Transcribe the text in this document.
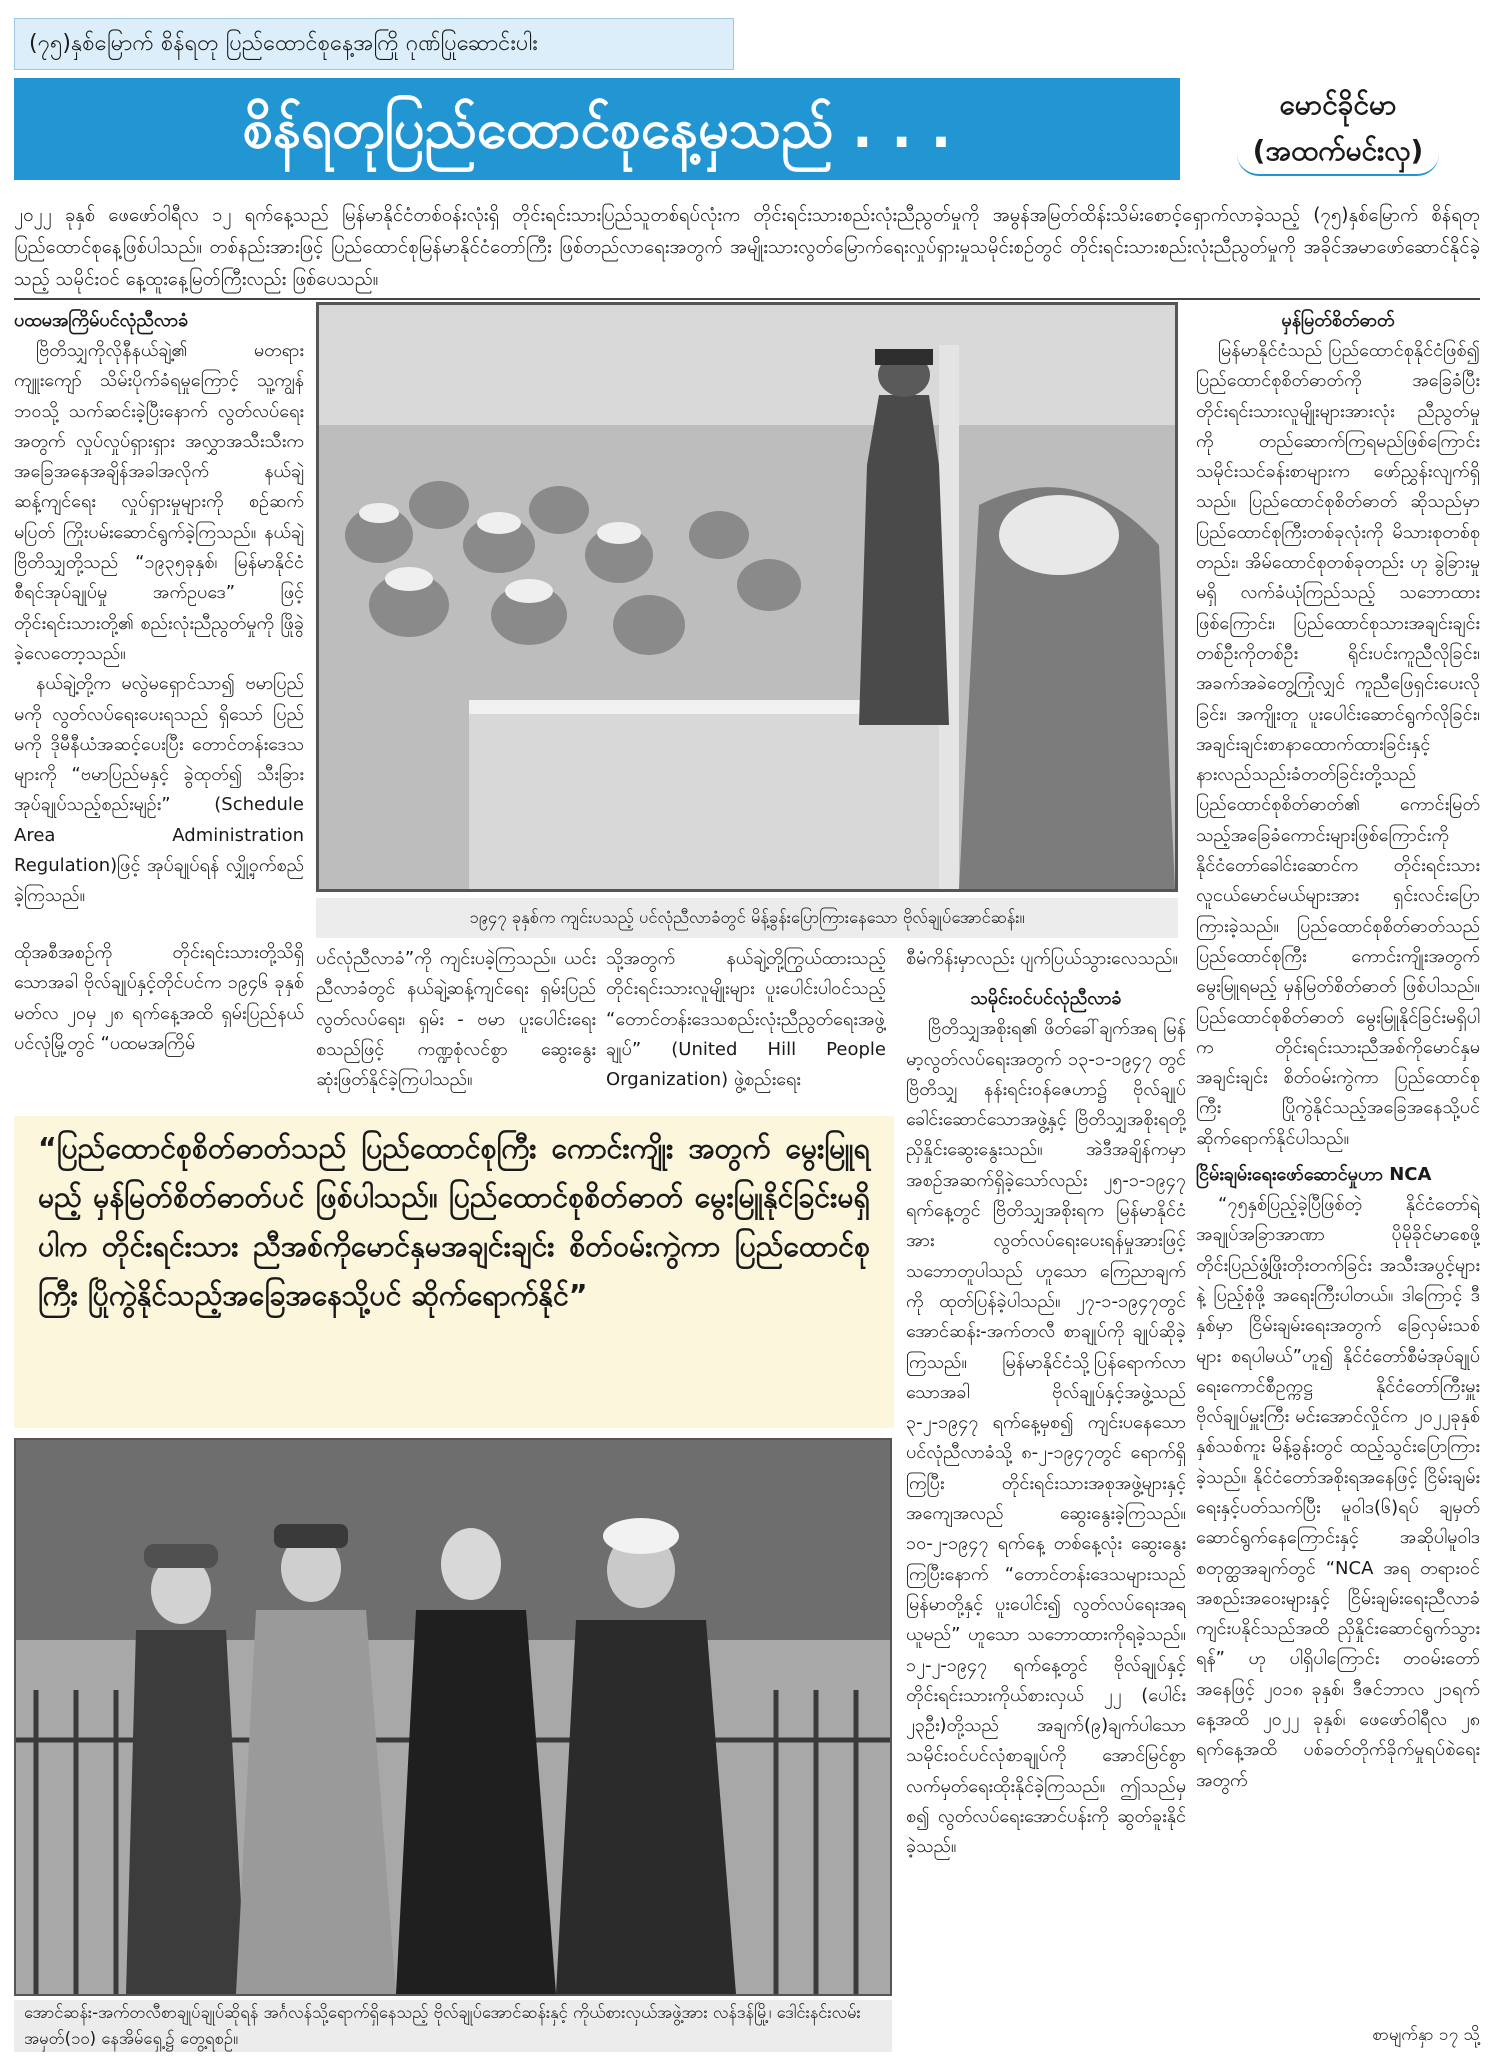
(၇၅)နှစ်မြောက် စိန်ရတု ပြည်ထောင်စုနေ့အကြို ဂုဏ်ပြုဆောင်းပါး
စိန်ရတုပြည်ထောင်စုနေ့မှသည် . . .	မောင်ခိုင်မာ
(အထက်မင်းလှ)
၂၀၂၂ ခုနှစ် ဖေဖော်ဝါရီလ ၁၂ ရက်နေ့သည် မြန်မာနိုင်ငံတစ်ဝန်းလုံးရှိ တိုင်းရင်းသားပြည်သူတစ်ရပ်လုံးက တိုင်းရင်းသားစည်းလုံးညီညွတ်မှုကို အမွန်အမြတ်ထိန်းသိမ်းစောင့်ရှောက်လာခဲ့သည့် (၇၅)နှစ်မြောက် စိန်ရတု ပြည်ထောင်စုနေ့ဖြစ်ပါသည်။ တစ်နည်းအားဖြင့် ပြည်ထောင်စုမြန်မာနိုင်ငံတော်ကြီး ဖြစ်တည်လာရေးအတွက် အမျိုးသားလွတ်မြောက်ရေးလှုပ်ရှားမှုသမိုင်းစဉ်တွင် တိုင်းရင်းသားစည်းလုံးညီညွတ်မှုကို အခိုင်အမာဖော်ဆောင်နိုင်ခဲ့သည့် သမိုင်းဝင် နေ့ထူးနေ့မြတ်ကြီးလည်း ဖြစ်ပေသည်။
ပထမအကြိမ်ပင်လုံညီလာခံ

ဗြိတိသျှကိုလိုနီနယ်ချဲ့၏ မတရားကျူးကျော် သိမ်းပိုက်ခံရမှုကြောင့် သူ့ကျွန်ဘဝသို့ သက်ဆင်းခဲ့ပြီးနောက် လွတ်လပ်ရေးအတွက် လှုပ်လှုပ်ရှားရှား အလွှာအသီးသီးက အခြေအနေအချိန်အခါအလိုက် နယ်ချဲ့ဆန့်ကျင်ရေး လှုပ်ရှားမှုများကို စဉ်ဆက်မပြတ် ကြိုးပမ်းဆောင်ရွက်ခဲ့ကြသည်။ နယ်ချဲ့ဗြိတိသျှတို့သည် “၁၉၃၅ခုနှစ်၊ မြန်မာနိုင်ငံ စီရင်အုပ်ချုပ်မှု အက်ဥပဒေ” ဖြင့် တိုင်းရင်းသားတို့၏ စည်းလုံးညီညွတ်မှုကို ဖြိုခွဲခဲ့လေတော့သည်။

နယ်ချဲ့တို့က မလွဲမရှောင်သာ၍ ဗမာပြည်မကို လွတ်လပ်ရေးပေးရသည် ရှိသော် ပြည်မကို ဒိုမီနီယံအဆင့်ပေးပြီး တောင်တန်းဒေသများကို “ဗမာပြည်မနှင့် ခွဲထုတ်၍ သီးခြားအုပ်ချုပ်သည့်စည်းမျဉ်း” (Schedule Area Administration Regulation)ဖြင့် အုပ်ချုပ်ရန် လျှို့ဝှက်စည်ခဲ့ကြသည်။

၁၉၄၇ ခုနှစ်က ကျင်းပသည့် ပင်လုံညီလာခံတွင် မိန့်ခွန်းပြောကြားနေသော ဗိုလ်ချုပ်အောင်ဆန်း။
ထိုအစီအစဉ်ကို တိုင်းရင်းသားတို့သိရှိသောအခါ ဗိုလ်ချုပ်နှင့်တိုင်ပင်က ၁၉၄၆ ခုနှစ် မတ်လ ၂၀မှ ၂၈ ရက်နေ့အထိ ရှမ်းပြည်နယ် ပင်လုံမြို့တွင် “ပထမအကြိမ်
ပင်လုံညီလာခံ”ကို ကျင်းပခဲ့ကြသည်။ ယင်းညီလာခံတွင် နယ်ချဲ့ဆန့်ကျင်ရေး ရှမ်းပြည်လွတ်လပ်ရေး၊ ရှမ်း - ဗမာ ပူးပေါင်းရေးစသည်ဖြင့် ကဏ္ဍစုံလင်စွာ ဆွေးနွေး ဆုံးဖြတ်နိုင်ခဲ့ကြပါသည်။
သို့အတွက် နယ်ချဲ့တို့ကြွယ်ထားသည့် တိုင်းရင်းသားလူမျိုးများ ပူးပေါင်းပါဝင်သည့် “တောင်တန်းဒေသစည်းလုံးညီညွတ်ရေးအဖွဲ့ချုပ်” (United Hill People Organization) ဖွဲ့စည်းရေး
စီမံကိန်းမှာလည်း ပျက်ပြယ်သွားလေသည်။
သမိုင်းဝင်ပင်လုံညီလာခံ

ဗြိတိသျှအစိုးရ၏ ဖိတ်ခေါ်ချက်အရ မြန်မာ့လွတ်လပ်ရေးအတွက် ၁၃-၁-၁၉၄၇ တွင် ဗြိတိသျှ နန်းရင်းဝန်ဇေဟာ၌ ဗိုလ်ချုပ်ခေါင်းဆောင်သောအဖွဲ့နှင့် ဗြိတိသျှအစိုးရတို့ ညှိနှိုင်းဆွေးနွေးသည်။ အဲဒီအချိန်ကမှာ အစဉ်အဆက်ရှိခဲ့သော်လည်း ၂၅-၁-၁၉၄၇ ရက်နေ့တွင် ဗြိတိသျှအစိုးရက မြန်မာနိုင်ငံအား လွတ်လပ်ရေးပေးရန်မှုအားဖြင့် သဘောတူပါသည် ဟူသော ကြေညာချက်ကို ထုတ်ပြန်ခဲ့ပါသည်။ ၂၇-၁-၁၉၄၇တွင် အောင်ဆန်း-အက်တလီ စာချုပ်ကို ချုပ်ဆိုခဲ့ကြသည်။ မြန်မာနိုင်ငံသို့ပြန်ရောက်လာသောအခါ ဗိုလ်ချုပ်နှင့်အဖွဲ့သည် ၃-၂-၁၉၄၇ ရက်နေ့မှစ၍ ကျင်းပနေသော ပင်လုံညီလာခံသို့ ၈-၂-၁၉၄၇တွင် ရောက်ရှိကြပြီး တိုင်းရင်းသားအစုအဖွဲ့များနှင့် အကျေအလည် ဆွေးနွေးခဲ့ကြသည်။ ၁၀-၂-၁၉၄၇ ရက်နေ့ တစ်နေ့လုံး ဆွေးနွေးကြပြီးနောက် “တောင်တန်းဒေသများသည် မြန်မာတို့နှင့် ပူးပေါင်း၍ လွတ်လပ်ရေးအရယူမည်” ဟူသော သဘောထားကိုရခဲ့သည်။ ၁၂-၂-၁၉၄၇ ရက်နေ့တွင် ဗိုလ်ချုပ်နှင့် တိုင်းရင်းသားကိုယ်စားလှယ် ၂၂ (ပေါင်း ၂၃ဦး)တို့သည် အချက်(၉)ချက်ပါသော သမိုင်းဝင်ပင်လုံစာချုပ်ကို အောင်မြင်စွာ လက်မှတ်ရေးထိုးနိုင်ခဲ့ကြသည်။ ဤသည်မှစ၍ လွတ်လပ်ရေးအောင်ပန်းကို ဆွတ်ခူးနိုင်ခဲ့သည်။

“ပြည်ထောင်စုစိတ်ဓာတ်သည် ပြည်ထောင်စုကြီး ကောင်းကျိုး အတွက် မွေးမြူရမည့် မှန်မြတ်စိတ်ဓာတ်ပင် ဖြစ်ပါသည်။ ပြည်ထောင်စုစိတ်ဓာတ် မွေးမြူနိုင်ခြင်းမရှိပါက တိုင်းရင်းသား ညီအစ်ကိုမောင်နှမအချင်းချင်း စိတ်ဝမ်းကွဲကာ ပြည်ထောင်စုကြီး ပြိုကွဲနိုင်သည့်အခြေအနေသို့ပင် ဆိုက်ရောက်နိုင်”
အောင်ဆန်း-အက်တလီစာချုပ်ချုပ်ဆိုရန် အင်္ဂလန်သို့ရောက်ရှိနေသည့် ဗိုလ်ချုပ်အောင်ဆန်းနှင့် ကိုယ်စားလှယ်အဖွဲ့အား လန်ဒန်မြို့၊ ဒေါင်းနင်းလမ်း အမှတ်(၁၀) နေအိမ်ရှေ့၌ တွေ့ရစဉ်။
မှန်မြတ်စိတ်ဓာတ်

မြန်မာနိုင်ငံသည် ပြည်ထောင်စုနိုင်ငံဖြစ်၍ ပြည်ထောင်စုစိတ်ဓာတ်ကို အခြေခံပြီး တိုင်းရင်းသားလူမျိုးများအားလုံး ညီညွတ်မှုကို တည်ဆောက်ကြရမည်ဖြစ်ကြောင်း သမိုင်းသင်ခန်းစာများက ဖော်ညွှန်းလျက်ရှိသည်။ ပြည်ထောင်စုစိတ်ဓာတ် ဆိုသည်မှာ ပြည်ထောင်စုကြီးတစ်ခုလုံးကို မိသားစုတစ်စုတည်း၊ အိမ်ထောင်စုတစ်ခုတည်း ဟု ခွဲခြားမှုမရှိ လက်ခံယုံကြည်သည့် သဘောထားဖြစ်ကြောင်း၊ ပြည်ထောင်စုသားအချင်းချင်း တစ်ဦးကိုတစ်ဦး ရိုင်းပင်းကူညီလိုခြင်း၊ အခက်အခဲတွေ့ကြုံလျှင် ကူညီဖြေရှင်းပေးလိုခြင်း၊ အကျိုးတူ ပူးပေါင်းဆောင်ရွက်လိုခြင်း၊ အချင်းချင်းစာနာထောက်ထားခြင်းနှင့် နားလည်သည်းခံတတ်ခြင်းတို့သည် ပြည်ထောင်စုစိတ်ဓာတ်၏ ကောင်းမြတ်သည့်အခြေခံကောင်းများဖြစ်ကြောင်းကို နိုင်ငံတော်ခေါင်းဆောင်က တိုင်းရင်းသားလူငယ်မောင်မယ်များအား ရှင်းလင်းပြောကြားခဲ့သည်။ ပြည်ထောင်စုစိတ်ဓာတ်သည် ပြည်ထောင်စုကြီး ကောင်းကျိုးအတွက် မွေးမြူရမည့် မှန်မြတ်စိတ်ဓာတ် ဖြစ်ပါသည်။ ပြည်ထောင်စုစိတ်ဓာတ် မွေးမြူနိုင်ခြင်းမရှိပါက တိုင်းရင်းသားညီအစ်ကိုမောင်နှမအချင်းချင်း စိတ်ဝမ်းကွဲကာ ပြည်ထောင်စုကြီး ပြိုကွဲနိုင်သည့်အခြေအနေသို့ပင် ဆိုက်ရောက်နိုင်ပါသည်။

ငြိမ်းချမ်းရေးဖော်ဆောင်မှုဟာ NCA

“၇၅နှစ်ပြည့်ခဲ့ပြီဖြစ်တဲ့ နိုင်ငံတော်ရဲ့ အချုပ်အခြာအာဏာ ပိုမိုခိုင်မာစေဖို့ တိုင်းပြည်ဖွံ့ဖြိုးတိုးတက်ခြင်း အသီးအပွင့်များ နဲ့ ပြည့်စုံဖို့ အရေးကြီးပါတယ်။ ဒါကြောင့် ဒီနှစ်မှာ ငြိမ်းချမ်းရေးအတွက် ခြေလှမ်းသစ်များ စရပါမယ်”ဟူ၍ နိုင်ငံတော်စီမံအုပ်ချုပ်ရေးကောင်စီဥက္ကဋ္ဌ နိုင်ငံတော်ကြီးမှူး ဗိုလ်ချုပ်မှူးကြီး မင်းအောင်လှိုင်က ၂၀၂၂ခုနှစ် နှစ်သစ်ကူး မိန့်ခွန်းတွင် ထည့်သွင်းပြောကြားခဲ့သည်။ နိုင်ငံတော်အစိုးရအနေဖြင့် ငြိမ်းချမ်းရေးနှင့်ပတ်သက်ပြီး မူဝါဒ(၆)ရပ် ချမှတ်ဆောင်ရွက်နေကြောင်းနှင့် အဆိုပါမူဝါဒ စတုတ္ထအချက်တွင် “NCA အရ တရားဝင်အစည်းအဝေးများနှင့် ငြိမ်းချမ်းရေးညီလာခံကျင်းပနိုင်သည်အထိ ညှိနှိုင်းဆောင်ရွက်သွားရန်” ဟု ပါရှိပါကြောင်း တဝမ်းတော်အနေဖြင့် ၂၀၁၈ ခုနှစ်၊ ဒီဇင်ဘာလ ၂၁ရက်နေ့အထိ ၂၀၂၂ ခုနှစ်၊ ဖေဖော်ဝါရီလ ၂၈ ရက်နေ့အထိ ပစ်ခတ်တိုက်ခိုက်မှုရပ်စဲရေးအတွက်

စာမျက်နှာ ၁၇ သို့
